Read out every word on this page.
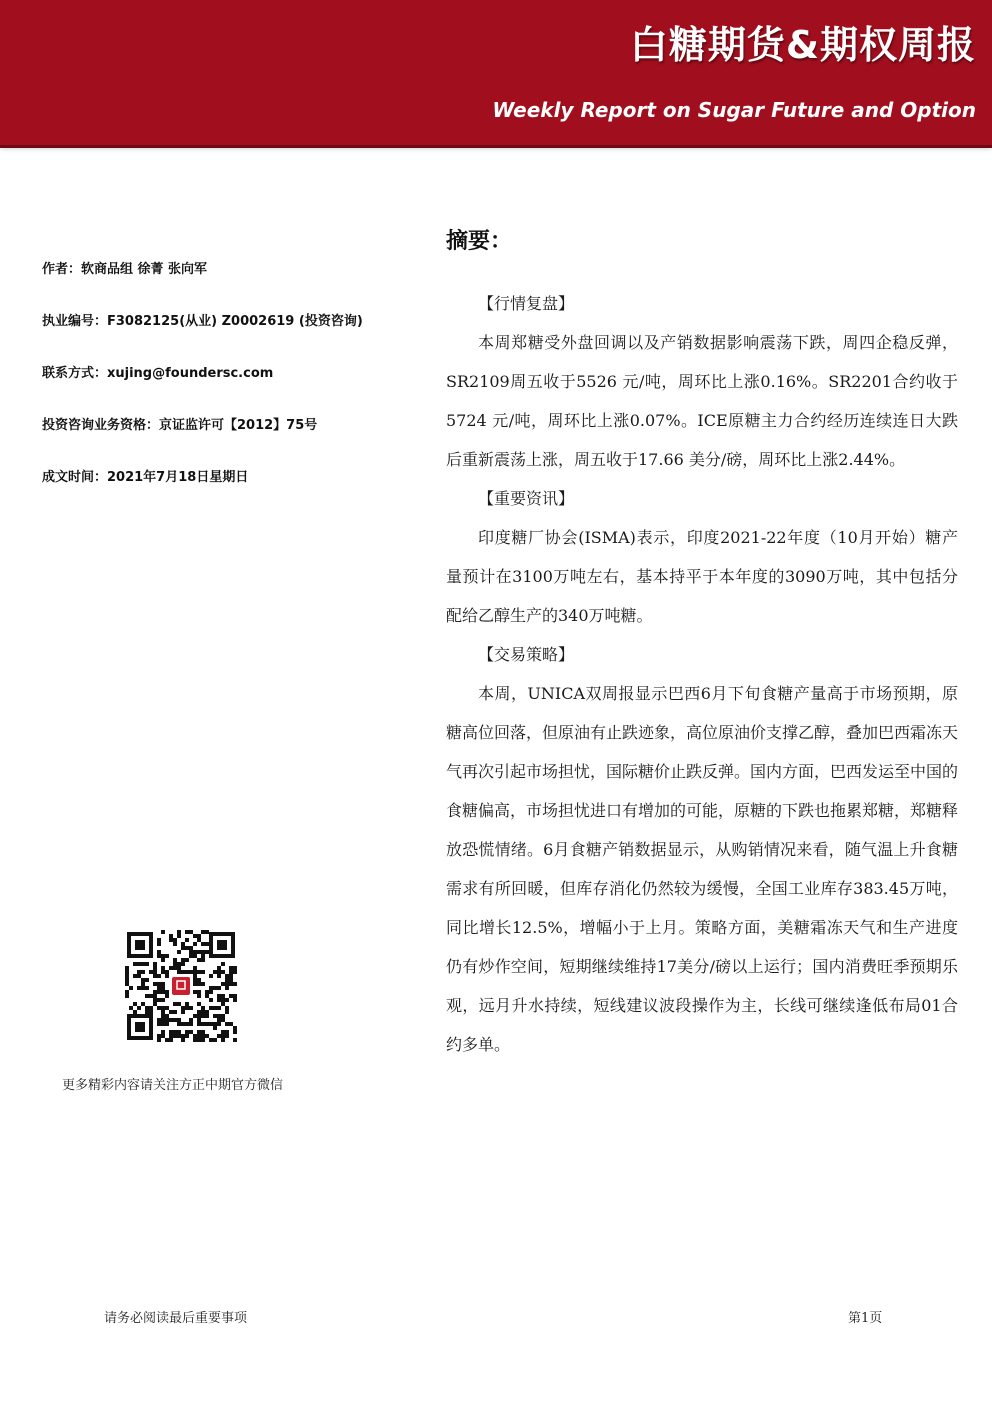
白糖期货&期权周报
Weekly Report on Sugar Future and Option
作者：软商品组 徐菁 张向军
执业编号：F3082125(从业) Z0002619 (投资咨询)
联系方式：xujing@foundersc.com
投资咨询业务资格：京证监许可【2012】75号
成文时间：2021年7月18日星期日
摘要：

【行情复盘】

本周郑糖受外盘回调以及产销数据影响震荡下跌，周四企稳反弹，SR2109周五收于5526 元/吨，周环比上涨0.16%。SR2201合约收于5724 元/吨，周环比上涨0.07%。ICE原糖主力合约经历连续连日大跌后重新震荡上涨，周五收于17.66 美分/磅，周环比上涨2.44%。

【重要资讯】

印度糖厂协会(ISMA)表示，印度2021-22年度（10月开始）糖产量预计在3100万吨左右，基本持平于本年度的3090万吨，其中包括分配给乙醇生产的340万吨糖。

【交易策略】

本周，UNICA双周报显示巴西6月下旬食糖产量高于市场预期，原糖高位回落，但原油有止跌迹象，高位原油价支撑乙醇，叠加巴西霜冻天气再次引起市场担忧，国际糖价止跌反弹。国内方面，巴西发运至中国的食糖偏高，市场担忧进口有增加的可能，原糖的下跌也拖累郑糖，郑糖释放恐慌情绪。6月食糖产销数据显示，从购销情况来看，随气温上升食糖需求有所回暖，但库存消化仍然较为缓慢，全国工业库存383.45万吨，同比增长12.5%，增幅小于上月。策略方面，美糖霜冻天气和生产进度仍有炒作空间，短期继续维持17美分/磅以上运行；国内消费旺季预期乐观，远月升水持续，短线建议波段操作为主，长线可继续逢低布局01合约多单。

更多精彩内容请关注方正中期官方微信
请务必阅读最后重要事项	第1页
